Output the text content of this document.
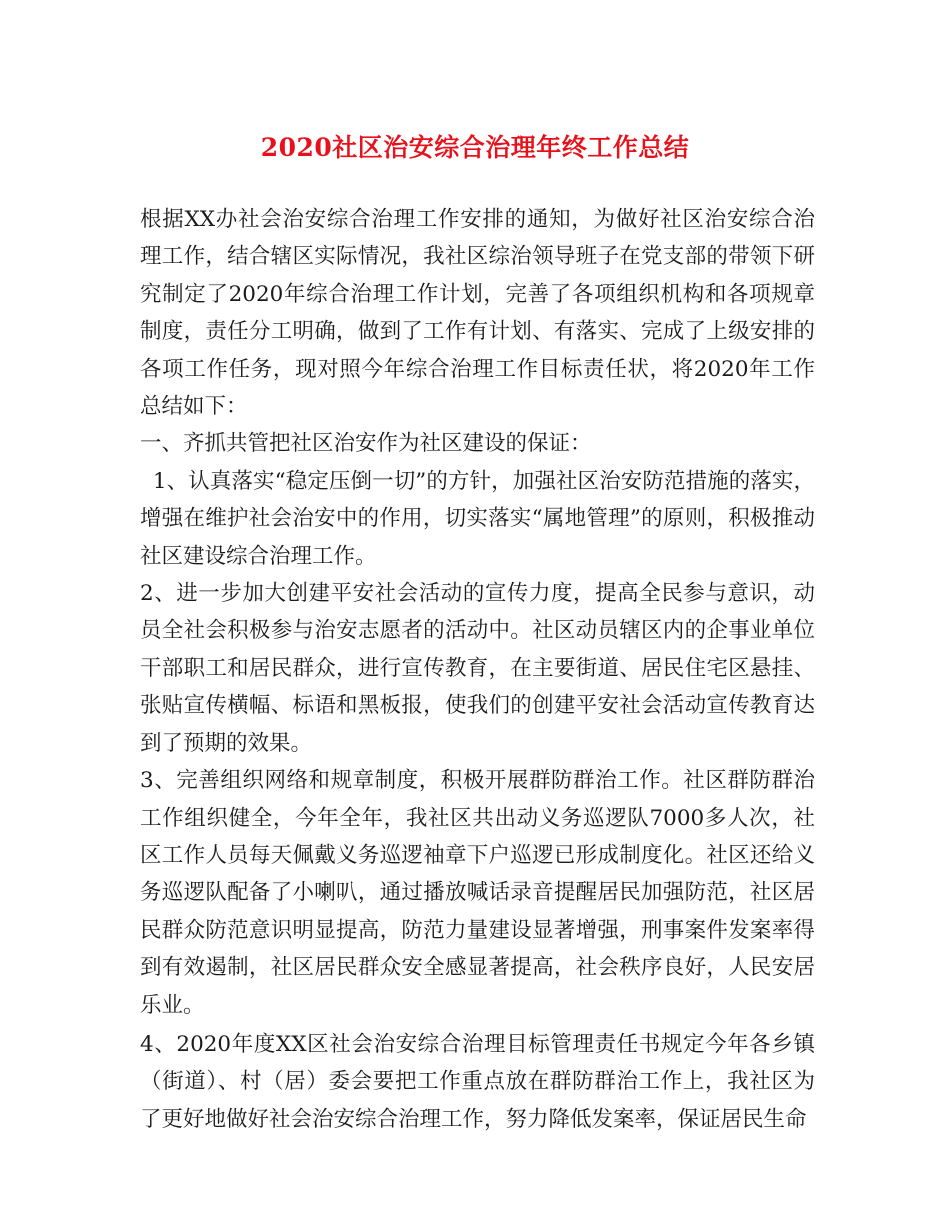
2020社区治安综合治理年终工作总结

根据XX办社会治安综合治理工作安排的通知，为做好社区治安综合治理工作，结合辖区实际情况，我社区综治领导班子在党支部的带领下研究制定了2020年综合治理工作计划，完善了各项组织机构和各项规章制度，责任分工明确，做到了工作有计划、有落实、完成了上级安排的各项工作任务，现对照今年综合治理工作目标责任状，将2020年工作总结如下：

一、齐抓共管把社区治安作为社区建设的保证：

1、认真落实“稳定压倒一切”的方针，加强社区治安防范措施的落实，增强在维护社会治安中的作用，切实落实“属地管理”的原则，积极推动社区建设综合治理工作。

2、进一步加大创建平安社会活动的宣传力度，提高全民参与意识，动员全社会积极参与治安志愿者的活动中。社区动员辖区内的企事业单位干部职工和居民群众，进行宣传教育，在主要街道、居民住宅区悬挂、张贴宣传横幅、标语和黑板报，使我们的创建平安社会活动宣传教育达到了预期的效果。

3、完善组织网络和规章制度，积极开展群防群治工作。社区群防群治工作组织健全，今年全年，我社区共出动义务巡逻队7000多人次，社区工作人员每天佩戴义务巡逻袖章下户巡逻已形成制度化。社区还给义务巡逻队配备了小喇叭，通过播放喊话录音提醒居民加强防范，社区居民群众防范意识明显提高，防范力量建设显著增强，刑事案件发案率得到有效遏制，社区居民群众安全感显著提高，社会秩序良好，人民安居乐业。

4、2020年度XX区社会治安综合治理目标管理责任书规定今年各乡镇（街道）、村（居）委会要把工作重点放在群防群治工作上，我社区为了更好地做好社会治安综合治理工作，努力降低发案率，保证居民生命
